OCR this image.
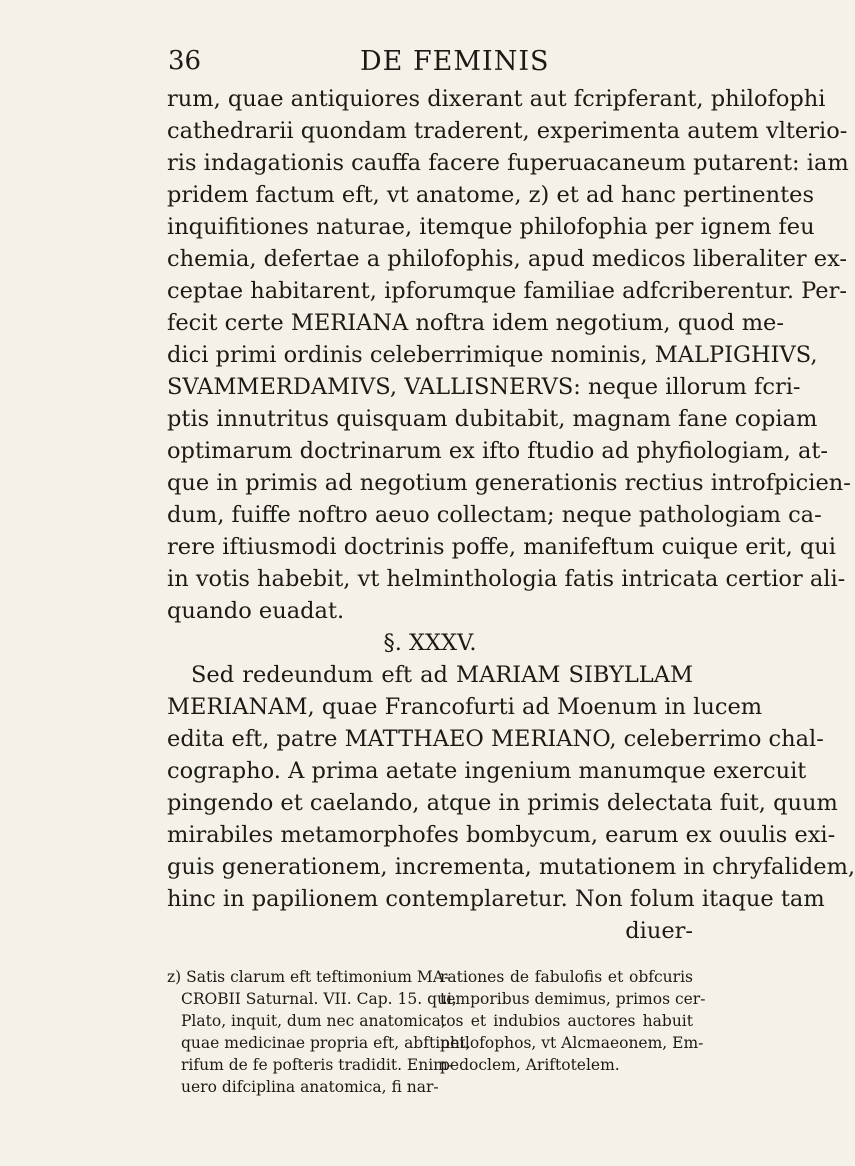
36	DE FEMINIS
rum, quae antiquiores dixerant aut fcripferant, philofophi
cathedrarii quondam traderent, experimenta autem vlterio-
ris indagationis cauffa facere fuperuacaneum putarent: iam
pridem factum eft, vt anatome, z) et ad hanc pertinentes
inquifitiones naturae, itemque philofophia per ignem feu
chemia, defertae a philofophis, apud medicos liberaliter ex-
ceptae habitarent, ipforumque familiae adfcriberentur. Per-
fecit certe MERIANA noftra idem negotium, quod me-
dici primi ordinis celeberrimique nominis, MALPIGHIVS,
SVAMMERDAMIVS, VALLISNERVS: neque illorum fcri-
ptis innutritus quisquam dubitabit, magnam fane copiam
optimarum doctrinarum ex ifto ftudio ad phyfiologiam, at-
que in primis ad negotium generationis rectius introfpicien-
dum, fuiffe noftro aeuo collectam; neque pathologiam ca-
rere iftiusmodi doctrinis poffe, manifeftum cuique erit, qui
in votis habebit, vt helminthologia fatis intricata certior ali-
quando euadat.
§. XXXV.
Sed redeundum eft ad MARIAM SIBYLLAM
MERIANAM, quae Francofurti ad Moenum in lucem
edita eft, patre MATTHAEO MERIANO, celeberrimo chal-
cographo. A prima aetate ingenium manumque exercuit
pingendo et caelando, atque in primis delectata fuit, quum
mirabiles metamorphofes bombycum, earum ex ouulis exi-
guis generationem, incrementa, mutationem in chryfalidem,
hinc in papilionem contemplaretur. Non folum itaque tam
diuer-
z) Satis clarum eft teftimonium MA-
CROBII Saturnal. VII. Cap. 15. qui,
Plato, inquit, dum nec anatomica,
quae medicinae propria eft, abftinet,
rifum de fe pofteris tradidit. Enim-
uero difciplina anatomica, fi nar-
rationes de fabulofis et obfcuris
temporibus demimus, primos cer-
tos et indubios auctores habuit
philofophos, vt Alcmaeonem, Em-
pedoclem, Ariftotelem.
